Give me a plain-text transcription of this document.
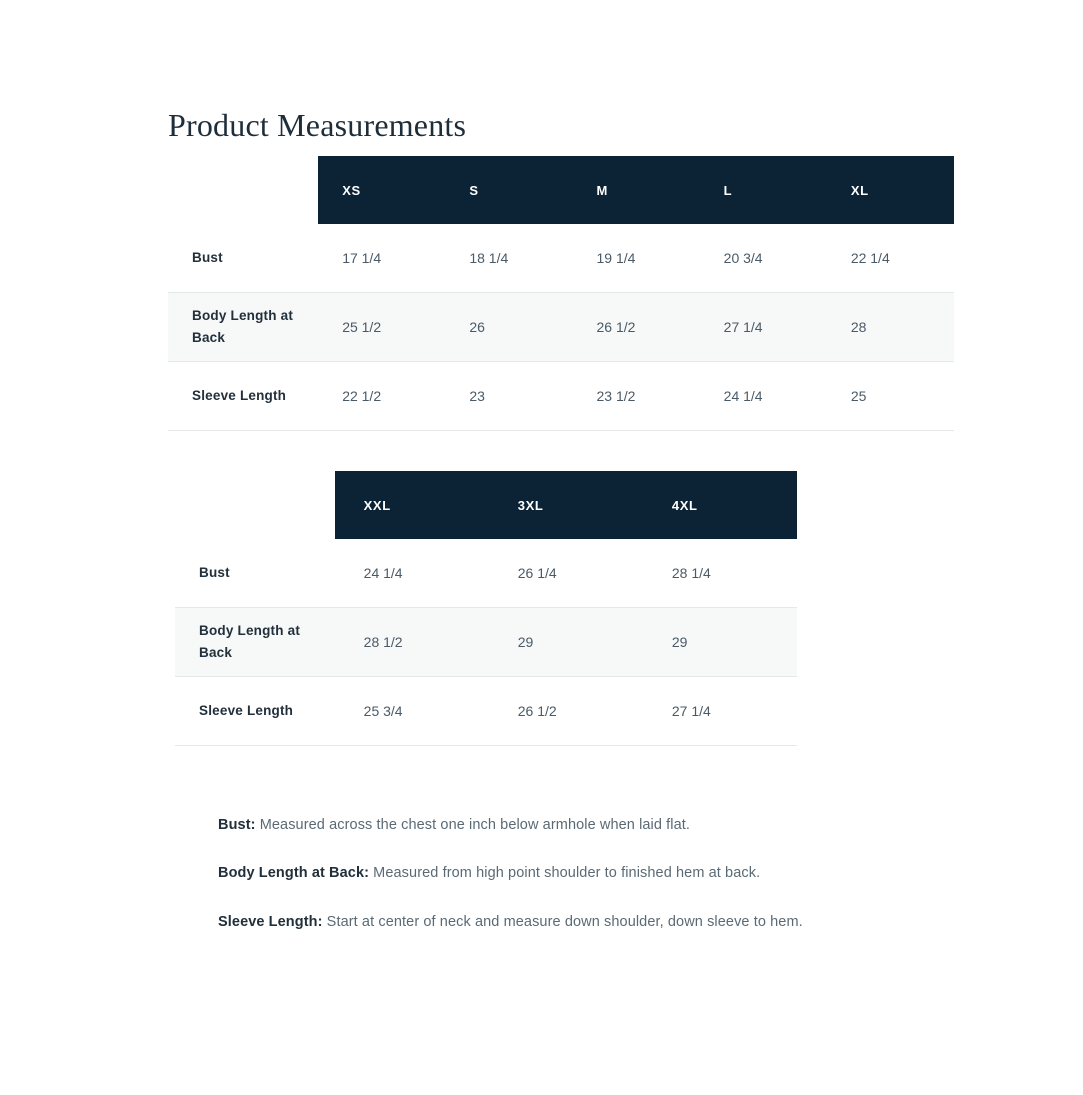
Product Measurements
	XS	S	M	L	XL
Bust	17 1/4	18 1/4	19 1/4	20 3/4	22 1/4
Body Length at Back	25 1/2	26	26 1/2	27 1/4	28
Sleeve Length	22 1/2	23	23 1/2	24 1/4	25
	XXL	3XL	4XL
Bust	24 1/4	26 1/4	28 1/4
Body Length at Back	28 1/2	29	29
Sleeve Length	25 3/4	26 1/2	27 1/4

Bust: Measured across the chest one inch below armhole when laid flat.

Body Length at Back: Measured from high point shoulder to finished hem at back.

Sleeve Length: Start at center of neck and measure down shoulder, down sleeve to hem.
